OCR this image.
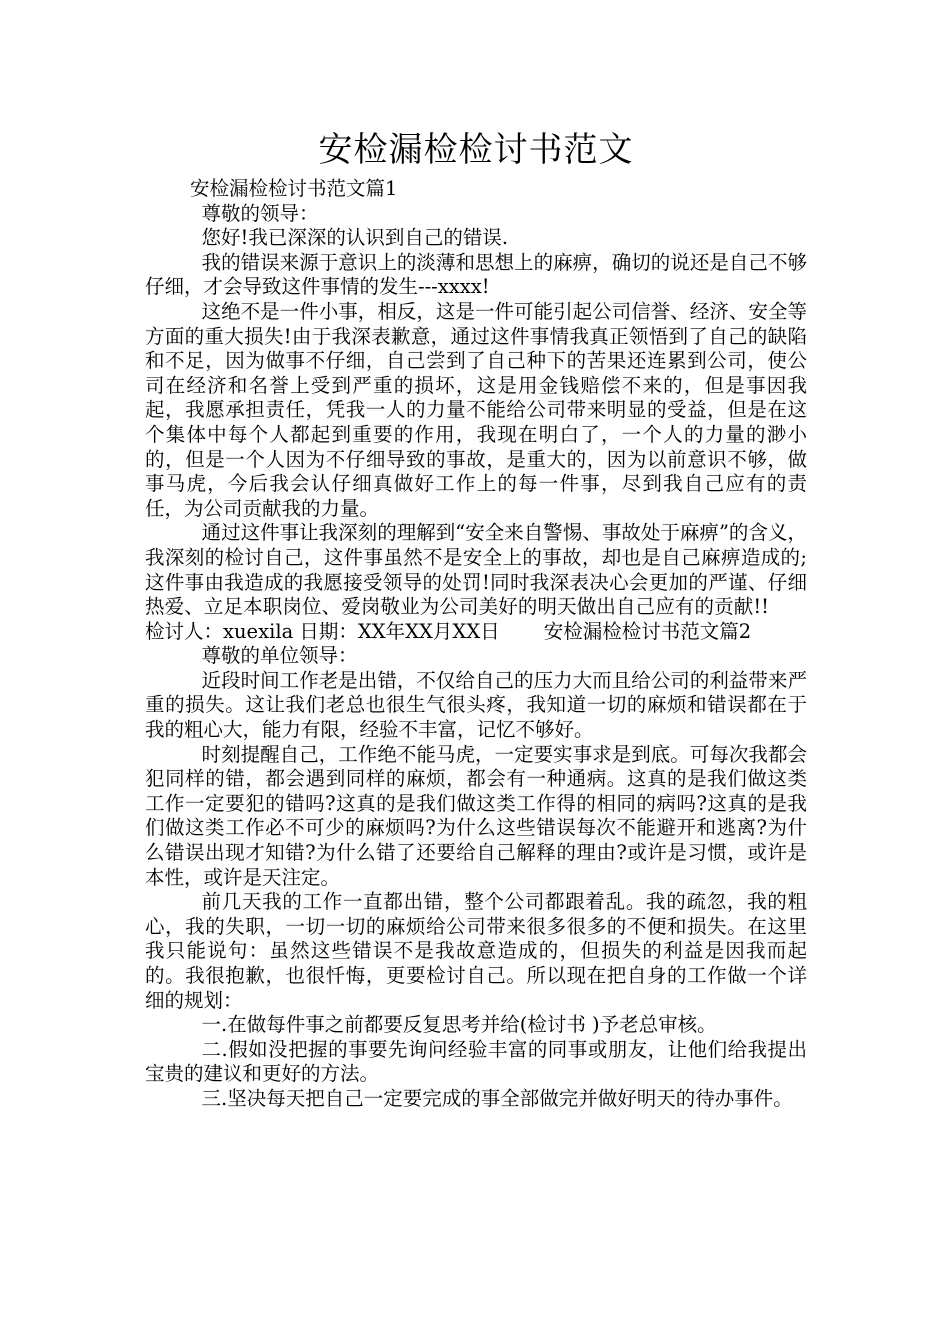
安检漏检检讨书范文

安检漏检检讨书范文篇1

尊敬的领导：

您好!我已深深的认识到自己的错误.

我的错误来源于意识上的淡薄和思想上的麻痹，确切的说还是自己不够仔细，才会导致这件事情的发生---xxxx!

这绝不是一件小事，相反，这是一件可能引起公司信誉、经济、安全等方面的重大损失!由于我深表歉意，通过这件事情我真正领悟到了自己的缺陷和不足，因为做事不仔细，自己尝到了自己种下的苦果还连累到公司，使公司在经济和名誉上受到严重的损坏，这是用金钱赔偿不来的，但是事因我起，我愿承担责任，凭我一人的力量不能给公司带来明显的受益，但是在这个集体中每个人都起到重要的作用，我现在明白了，一个人的力量的渺小的，但是一个人因为不仔细导致的事故，是重大的，因为以前意识不够，做事马虎，今后我会认仔细真做好工作上的每一件事，尽到我自己应有的责任，为公司贡献我的力量。

通过这件事让我深刻的理解到“安全来自警惕、事故处于麻痹”的含义，我深刻的检讨自己，这件事虽然不是安全上的事故，却也是自己麻痹造成的;这件事由我造成的我愿接受领导的处罚!同时我深表决心会更加的严谨、仔细热爱、立足本职岗位、爱岗敬业为公司美好的明天做出自己应有的贡献!!检讨人：xuexila 日期：XX年XX月XX日 安检漏检检讨书范文篇2

尊敬的单位领导：

近段时间工作老是出错，不仅给自己的压力大而且给公司的利益带来严重的损失。这让我们老总也很生气很头疼，我知道一切的麻烦和错误都在于我的粗心大，能力有限，经验不丰富，记忆不够好。

时刻提醒自己，工作绝不能马虎，一定要实事求是到底。可每次我都会犯同样的错，都会遇到同样的麻烦，都会有一种通病。这真的是我们做这类工作一定要犯的错吗?这真的是我们做这类工作得的相同的病吗?这真的是我们做这类工作必不可少的麻烦吗?为什么这些错误每次不能避开和逃离?为什么错误出现才知错?为什么错了还要给自己解释的理由?或许是习惯，或许是本性，或许是天注定。

前几天我的工作一直都出错，整个公司都跟着乱。我的疏忽，我的粗心，我的失职，一切一切的麻烦给公司带来很多很多的不便和损失。在这里我只能说句：虽然这些错误不是我故意造成的，但损失的利益是因我而起的。我很抱歉，也很忏悔，更要检讨自己。所以现在把自身的工作做一个详细的规划：

一.在做每件事之前都要反复思考并给(检讨书 )予老总审核。

二.假如没把握的事要先询问经验丰富的同事或朋友，让他们给我提出宝贵的建议和更好的方法。

三.坚决每天把自己一定要完成的事全部做完并做好明天的待办事件。
